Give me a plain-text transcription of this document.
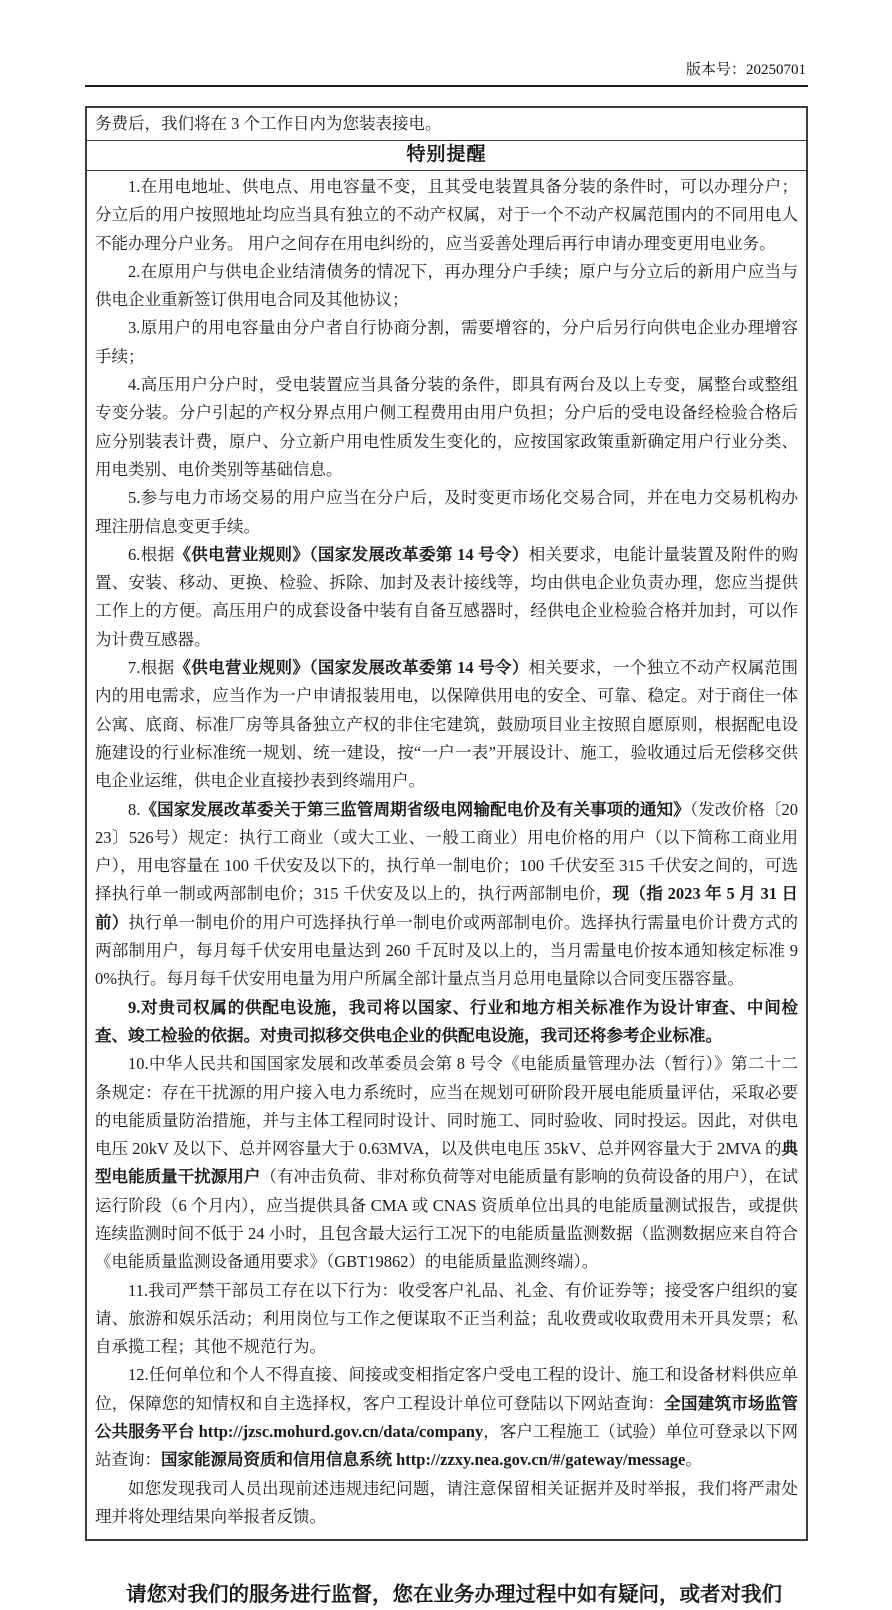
版本号：20250701
务费后，我们将在 3 个工作日内为您装表接电。
特别提醒

1.在用电地址、供电点、用电容量不变，且其受电装置具备分装的条件时，可以办理分户；分立后的用户按照地址均应当具有独立的不动产权属，对于一个不动产权属范围内的不同用电人不能办理分户业务。 用户之间存在用电纠纷的，应当妥善处理后再行申请办理变更用电业务。

2.在原用户与供电企业结清债务的情况下，再办理分户手续；原户与分立后的新用户应当与供电企业重新签订供用电合同及其他协议；

3.原用户的用电容量由分户者自行协商分割，需要增容的，分户后另行向供电企业办理增容手续；

4.高压用户分户时，受电装置应当具备分装的条件，即具有两台及以上专变，属整台或整组专变分装。分户引起的产权分界点用户侧工程费用由用户负担；分户后的受电设备经检验合格后应分别装表计费，原户、分立新户用电性质发生变化的，应按国家政策重新确定用户行业分类、用电类别、电价类别等基础信息。

5.参与电力市场交易的用户应当在分户后，及时变更市场化交易合同，并在电力交易机构办理注册信息变更手续。

6.根据《供电营业规则》（国家发展改革委第 14 号令）相关要求，电能计量装置及附件的购置、安装、移动、更换、检验、拆除、加封及表计接线等，均由供电企业负责办理，您应当提供工作上的方便。高压用户的成套设备中装有自备互感器时，经供电企业检验合格并加封，可以作为计费互感器。

7.根据《供电营业规则》（国家发展改革委第 14 号令）相关要求，一个独立不动产权属范围内的用电需求，应当作为一户申请报装用电，以保障供用电的安全、可靠、稳定。对于商住一体公寓、底商、标准厂房等具备独立产权的非住宅建筑，鼓励项目业主按照自愿原则，根据配电设施建设的行业标准统一规划、统一建设，按“一户一表”开展设计、施工，验收通过后无偿移交供电企业运维，供电企业直接抄表到终端用户。

8.《国家发展改革委关于第三监管周期省级电网输配电价及有关事项的通知》（发改价格〔2023〕526号）规定：执行工商业（或大工业、一般工商业）用电价格的用户（以下简称工商业用户），用电容量在 100 千伏安及以下的，执行单一制电价；100 千伏安至 315 千伏安之间的，可选择执行单一制或两部制电价；315 千伏安及以上的，执行两部制电价，现（指 2023 年 5 月 31 日前）执行单一制电价的用户可选择执行单一制电价或两部制电价。选择执行需量电价计费方式的两部制用户，每月每千伏安用电量达到 260 千瓦时及以上的，当月需量电价按本通知核定标准 90%执行。每月每千伏安用电量为用户所属全部计量点当月总用电量除以合同变压器容量。

9.对贵司权属的供配电设施，我司将以国家、行业和地方相关标准作为设计审查、中间检查、竣工检验的依据。对贵司拟移交供电企业的供配电设施，我司还将参考企业标准。

10.中华人民共和国国家发展和改革委员会第 8 号令《电能质量管理办法（暂行）》第二十二条规定：存在干扰源的用户接入电力系统时，应当在规划可研阶段开展电能质量评估，采取必要的电能质量防治措施，并与主体工程同时设计、同时施工、同时验收、同时投运。因此，对供电电压 20kV 及以下、总并网容量大于 0.63MVA，以及供电电压 35kV、总并网容量大于 2MVA 的典型电能质量干扰源用户（有冲击负荷、非对称负荷等对电能质量有影响的负荷设备的用户），在试运行阶段（6 个月内），应当提供具备 CMA 或 CNAS 资质单位出具的电能质量测试报告，或提供连续监测时间不低于 24 小时，且包含最大运行工况下的电能质量监测数据（监测数据应来自符合《电能质量监测设备通用要求》（GBT19862）的电能质量监测终端）。

11.我司严禁干部员工存在以下行为：收受客户礼品、礼金、有价证券等；接受客户组织的宴请、旅游和娱乐活动；利用岗位与工作之便谋取不正当利益；乱收费或收取费用未开具发票；私自承揽工程；其他不规范行为。

12.任何单位和个人不得直接、间接或变相指定客户受电工程的设计、施工和设备材料供应单位，保障您的知情权和自主选择权，客户工程设计单位可登陆以下网站查询：全国建筑市场监管公共服务平台 http://jzsc.mohurd.gov.cn/data/company，客户工程施工（试验）单位可登录以下网站查询：国家能源局资质和信用信息系统 http://zzxy.nea.gov.cn/#/gateway/message。

如您发现我司人员出现前述违规违纪问题，请注意保留相关证据并及时举报，我们将严肃处理并将处理结果向举报者反馈。

请您对我们的服务进行监督，您在业务办理过程中如有疑问，或者对我们
